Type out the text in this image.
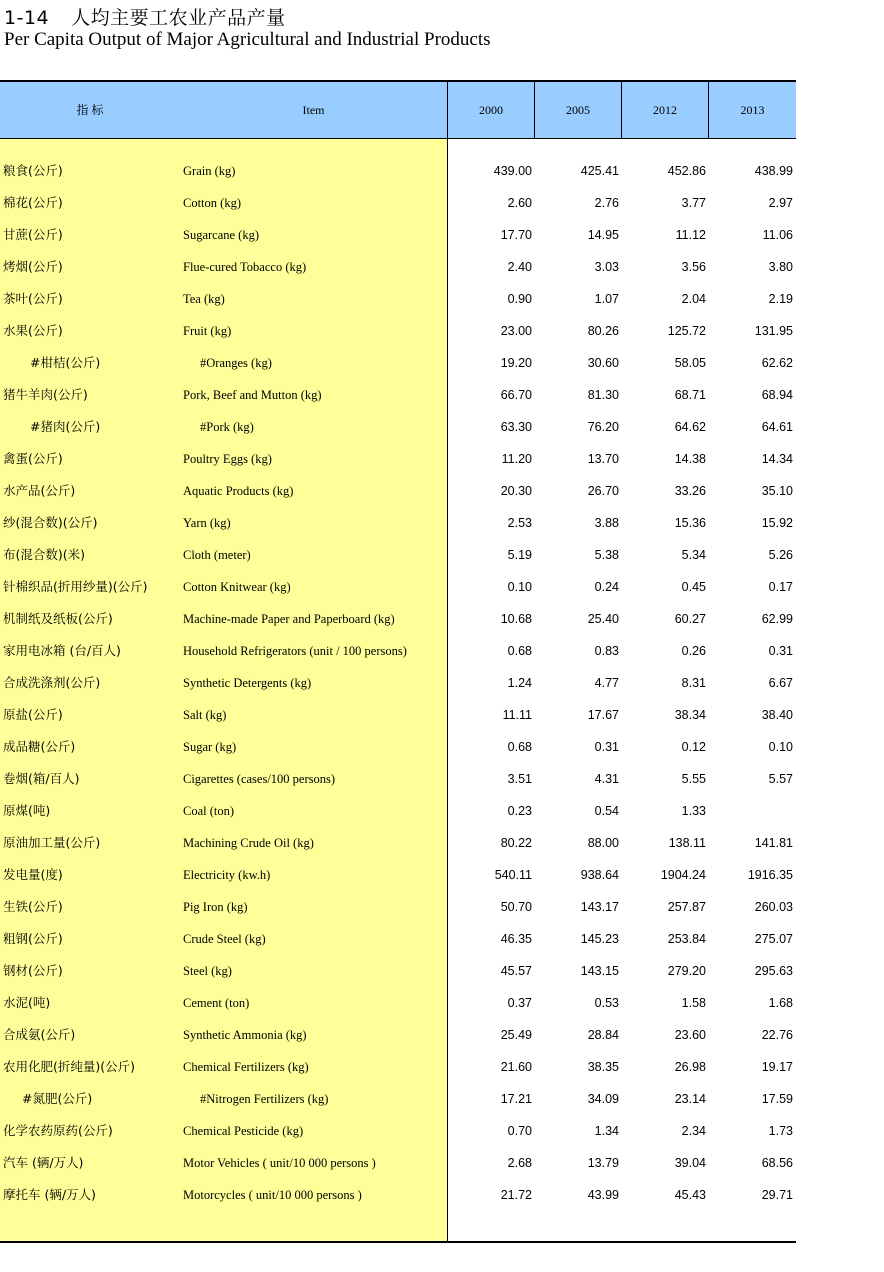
1-14 人均主要工农业产品产量
Per Capita Output of Major Agricultural and Industrial Products
指 标	Item	2000	2005	2012	2013
粮食(公斤)	Grain (kg)	439.00	425.41	452.86	438.99
棉花(公斤)	Cotton (kg)	2.60	2.76	3.77	2.97
甘蔗(公斤)	Sugarcane (kg)	17.70	14.95	11.12	11.06
烤烟(公斤)	Flue-cured Tobacco (kg)	2.40	3.03	3.56	3.80
茶叶(公斤)	Tea (kg)	0.90	1.07	2.04	2.19
水果(公斤)	Fruit (kg)	23.00	80.26	125.72	131.95
#柑桔(公斤)	#Oranges (kg)	19.20	30.60	58.05	62.62
猪牛羊肉(公斤)	Pork, Beef and Mutton (kg)	66.70	81.30	68.71	68.94
#猪肉(公斤)	#Pork (kg)	63.30	76.20	64.62	64.61
禽蛋(公斤)	Poultry Eggs (kg)	11.20	13.70	14.38	14.34
水产品(公斤)	Aquatic Products (kg)	20.30	26.70	33.26	35.10
纱(混合数)(公斤)	Yarn (kg)	2.53	3.88	15.36	15.92
布(混合数)(米)	Cloth (meter)	5.19	5.38	5.34	5.26
针棉织品(折用纱量)(公斤)	Cotton Knitwear (kg)	0.10	0.24	0.45	0.17
机制纸及纸板(公斤)	Machine-made Paper and Paperboard (kg)	10.68	25.40	60.27	62.99
家用电冰箱 (台/百人)	Household Refrigerators (unit / 100 persons)	0.68	0.83	0.26	0.31
合成洗涤剂(公斤)	Synthetic Detergents (kg)	1.24	4.77	8.31	6.67
原盐(公斤)	Salt (kg)	11.11	17.67	38.34	38.40
成品糖(公斤)	Sugar (kg)	0.68	0.31	0.12	0.10
卷烟(箱/百人)	Cigarettes (cases/100 persons)	3.51	4.31	5.55	5.57
原煤(吨)	Coal (ton)	0.23	0.54	1.33
原油加工量(公斤)	Machining Crude Oil (kg)	80.22	88.00	138.11	141.81
发电量(度)	Electricity (kw.h)	540.11	938.64	1904.24	1916.35
生铁(公斤)	Pig Iron (kg)	50.70	143.17	257.87	260.03
粗钢(公斤)	Crude Steel (kg)	46.35	145.23	253.84	275.07
钢材(公斤)	Steel (kg)	45.57	143.15	279.20	295.63
水泥(吨)	Cement (ton)	0.37	0.53	1.58	1.68
合成氨(公斤)	Synthetic Ammonia (kg)	25.49	28.84	23.60	22.76
农用化肥(折纯量)(公斤)	Chemical Fertilizers (kg)	21.60	38.35	26.98	19.17
#氮肥(公斤)	#Nitrogen Fertilizers (kg)	17.21	34.09	23.14	17.59
化学农药原药(公斤)	Chemical Pesticide (kg)	0.70	1.34	2.34	1.73
汽车 (辆/万人)	Motor Vehicles ( unit/10 000 persons )	2.68	13.79	39.04	68.56
摩托车 (辆/万人)	Motorcycles ( unit/10 000 persons )	21.72	43.99	45.43	29.71
